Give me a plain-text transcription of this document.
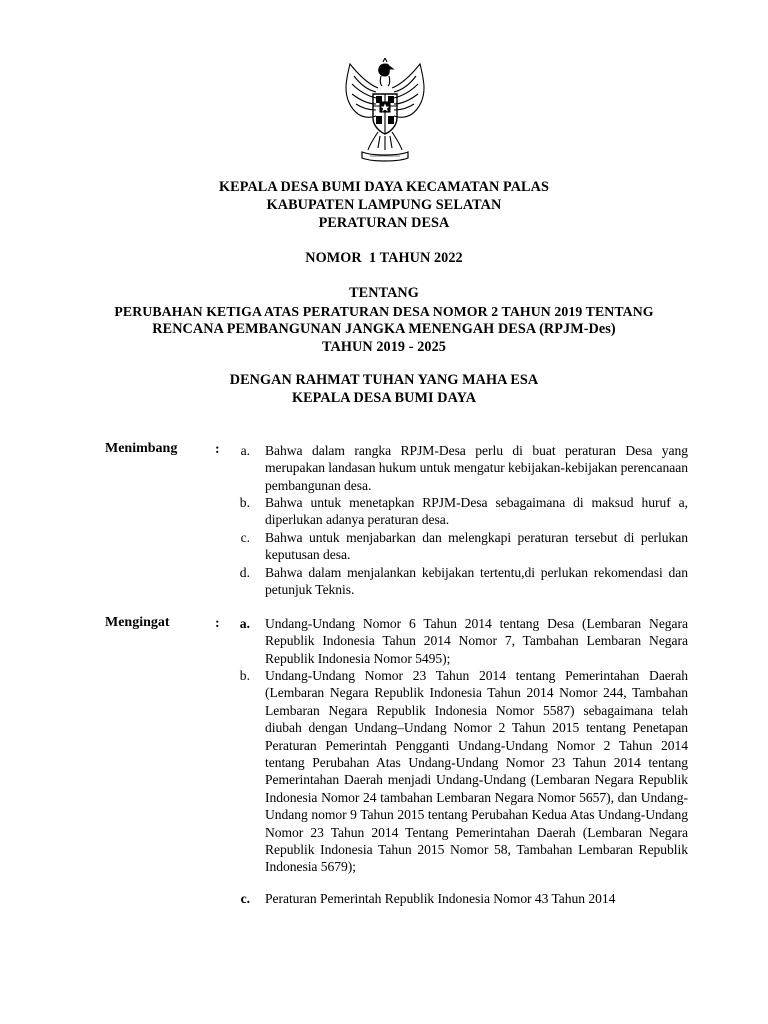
KEPALA DESA BUMI DAYA KECAMATAN PALAS
KABUPATEN LAMPUNG SELATAN
PERATURAN DESA
NOMOR  1 TAHUN 2022
TENTANG
PERUBAHAN KETIGA ATAS PERATURAN DESA NOMOR 2 TAHUN 2019 TENTANG
RENCANA PEMBANGUNAN JANGKA MENENGAH DESA (RPJM-Des)
TAHUN 2019 - 2025
DENGAN RAHMAT TUHAN YANG MAHA ESA
KEPALA DESA BUMI DAYA
Menimbang	:	a. Bahwa dalam rangka RPJM-Desa perlu di buat peraturan Desa yang merupakan landasan hukum untuk mengatur kebijakan-kebijakan perencanaan pembangunan desa.
b. Bahwa untuk menetapkan RPJM-Desa sebagaimana di maksud huruf a, diperlukan adanya peraturan desa.
c. Bahwa untuk menjabarkan dan melengkapi peraturan tersebut di perlukan keputusan desa.
d. Bahwa dalam menjalankan kebijakan tertentu,di perlukan rekomendasi dan petunjuk Teknis.
Mengingat	:	a. Undang-Undang Nomor 6 Tahun 2014 tentang Desa (Lembaran Negara Republik Indonesia Tahun 2014 Nomor 7, Tambahan Lembaran Negara Republik Indonesia Nomor 5495);
b. Undang-Undang Nomor 23 Tahun 2014 tentang Pemerintahan Daerah (Lembaran Negara Republik Indonesia Tahun 2014 Nomor 244, Tambahan Lembaran Negara Republik Indonesia Nomor 5587) sebagaimana telah diubah dengan Undang–Undang Nomor 2 Tahun 2015 tentang Penetapan Peraturan Pemerintah Pengganti Undang-Undang Nomor 2 Tahun 2014 tentang Perubahan Atas Undang-Undang Nomor 23 Tahun 2014 tentang Pemerintahan Daerah menjadi Undang-Undang (Lembaran Negara Republik Indonesia Nomor 24 tambahan Lembaran Negara Nomor 5657), dan Undang-Undang nomor 9 Tahun 2015 tentang Perubahan Kedua Atas Undang-Undang Nomor 23 Tahun 2014 Tentang Pemerintahan Daerah (Lembaran Negara Republik Indonesia Tahun 2015 Nomor 58, Tambahan Lembaran Republik Indonesia 5679);
c. Peraturan Pemerintah Republik Indonesia Nomor 43 Tahun 2014
